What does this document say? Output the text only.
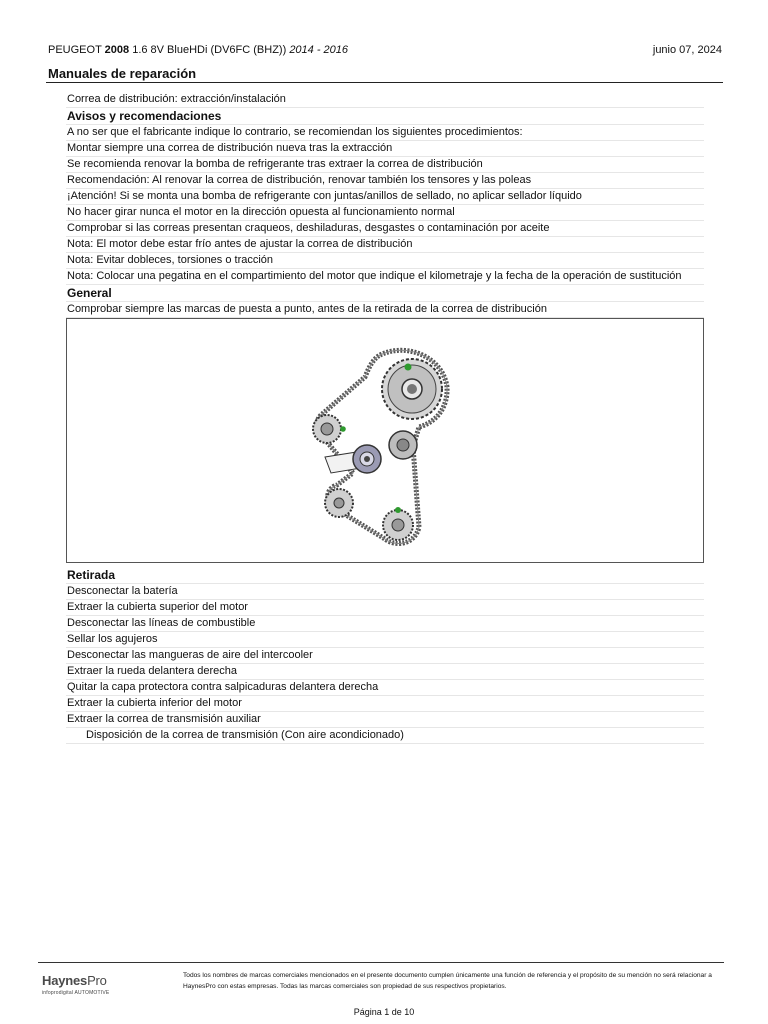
PEUGEOT 2008 1.6 8V BlueHDi (DV6FC (BHZ)) 2014 - 2016	junio 07, 2024
Manuales de reparación
Correa de distribución: extracción/instalación
Avisos y recomendaciones
A no ser que el fabricante indique lo contrario, se recomiendan los siguientes procedimientos:
Montar siempre una correa de distribución nueva tras la extracción
Se recomienda renovar la bomba de refrigerante tras extraer la correa de distribución
Recomendación: Al renovar la correa de distribución, renovar también los tensores y las poleas
¡Atención! Si se monta una bomba de refrigerante con juntas/anillos de sellado, no aplicar sellador líquido
No hacer girar nunca el motor en la dirección opuesta al funcionamiento normal
Comprobar si las correas presentan craqueos, deshiladuras, desgastes o contaminación por aceite
Nota: El motor debe estar frío antes de ajustar la correa de distribución
Nota: Evitar dobleces, torsiones o tracción
Nota: Colocar una pegatina en el compartimiento del motor que indique el kilometraje y la fecha de la operación de sustitución
General
Comprobar siempre las marcas de puesta a punto, antes de la retirada de la correa de distribución
Retirada
Desconectar la batería
Extraer la cubierta superior del motor
Desconectar las líneas de combustible
Sellar los agujeros
Desconectar las mangueras de aire del intercooler
Extraer la rueda delantera derecha
Quitar la capa protectora contra salpicaduras delantera derecha
Extraer la cubierta inferior del motor
Extraer la correa de transmisión auxiliar
Disposición de la correa de transmisión (Con aire acondicionado)
HaynesPro
infoprodigital AUTOMOTIVE
Todos los nombres de marcas comerciales mencionados en el presente documento cumplen únicamente una función de referencia y el propósito de su mención no será relacionar a HaynesPro con estas empresas. Todas las marcas comerciales son propiedad de sus respectivos propietarios.
Página 1 de 10
